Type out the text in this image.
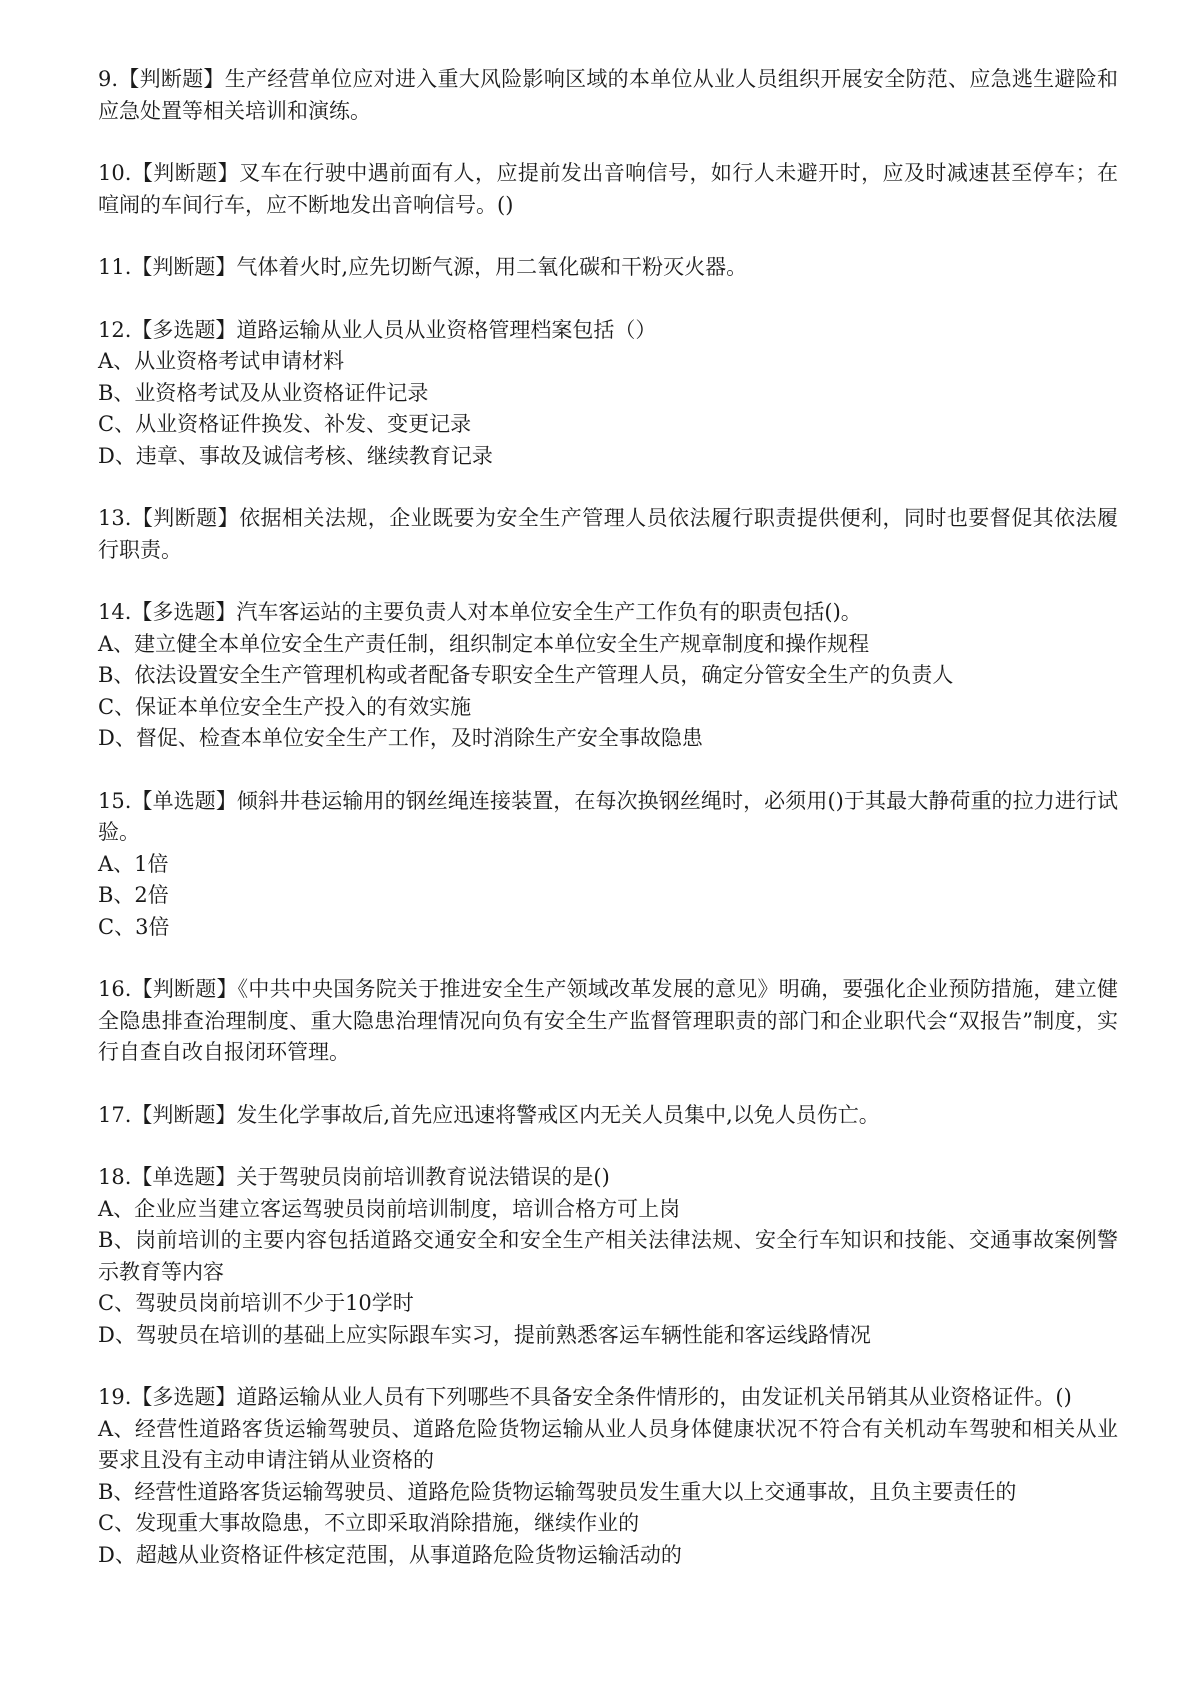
9.【判断题】生产经营单位应对进入重大风险影响区域的本单位从业人员组织开展安全防范、应急逃生避险和应急处置等相关培训和演练。
10.【判断题】叉车在行驶中遇前面有人，应提前发出音响信号，如行人未避开时，应及时减速甚至停车；在喧闹的车间行车，应不断地发出音响信号。()
11.【判断题】气体着火时,应先切断气源，用二氧化碳和干粉灭火器。
12.【多选题】道路运输从业人员从业资格管理档案包括（）
A、从业资格考试申请材料
B、业资格考试及从业资格证件记录
C、从业资格证件换发、补发、变更记录
D、违章、事故及诚信考核、继续教育记录
13.【判断题】依据相关法规，企业既要为安全生产管理人员依法履行职责提供便利，同时也要督促其依法履行职责。
14.【多选题】汽车客运站的主要负责人对本单位安全生产工作负有的职责包括()。
A、建立健全本单位安全生产责任制，组织制定本单位安全生产规章制度和操作规程
B、依法设置安全生产管理机构或者配备专职安全生产管理人员，确定分管安全生产的负责人
C、保证本单位安全生产投入的有效实施
D、督促、检查本单位安全生产工作，及时消除生产安全事故隐患
15.【单选题】倾斜井巷运输用的钢丝绳连接装置，在每次换钢丝绳时，必须用()于其最大静荷重的拉力进行试验。
A、1倍
B、2倍
C、3倍
16.【判断题】《中共中央国务院关于推进安全生产领域改革发展的意见》明确，要强化企业预防措施，建立健全隐患排查治理制度、重大隐患治理情况向负有安全生产监督管理职责的部门和企业职代会“双报告”制度，实行自查自改自报闭环管理。
17.【判断题】发生化学事故后,首先应迅速将警戒区内无关人员集中,以免人员伤亡。
18.【单选题】关于驾驶员岗前培训教育说法错误的是()
A、企业应当建立客运驾驶员岗前培训制度，培训合格方可上岗
B、岗前培训的主要内容包括道路交通安全和安全生产相关法律法规、安全行车知识和技能、交通事故案例警示教育等内容
C、驾驶员岗前培训不少于10学时
D、驾驶员在培训的基础上应实际跟车实习，提前熟悉客运车辆性能和客运线路情况
19.【多选题】道路运输从业人员有下列哪些不具备安全条件情形的，由发证机关吊销其从业资格证件。()
A、经营性道路客货运输驾驶员、道路危险货物运输从业人员身体健康状况不符合有关机动车驾驶和相关从业要求且没有主动申请注销从业资格的
B、经营性道路客货运输驾驶员、道路危险货物运输驾驶员发生重大以上交通事故，且负主要责任的
C、发现重大事故隐患，不立即采取消除措施，继续作业的
D、超越从业资格证件核定范围，从事道路危险货物运输活动的
